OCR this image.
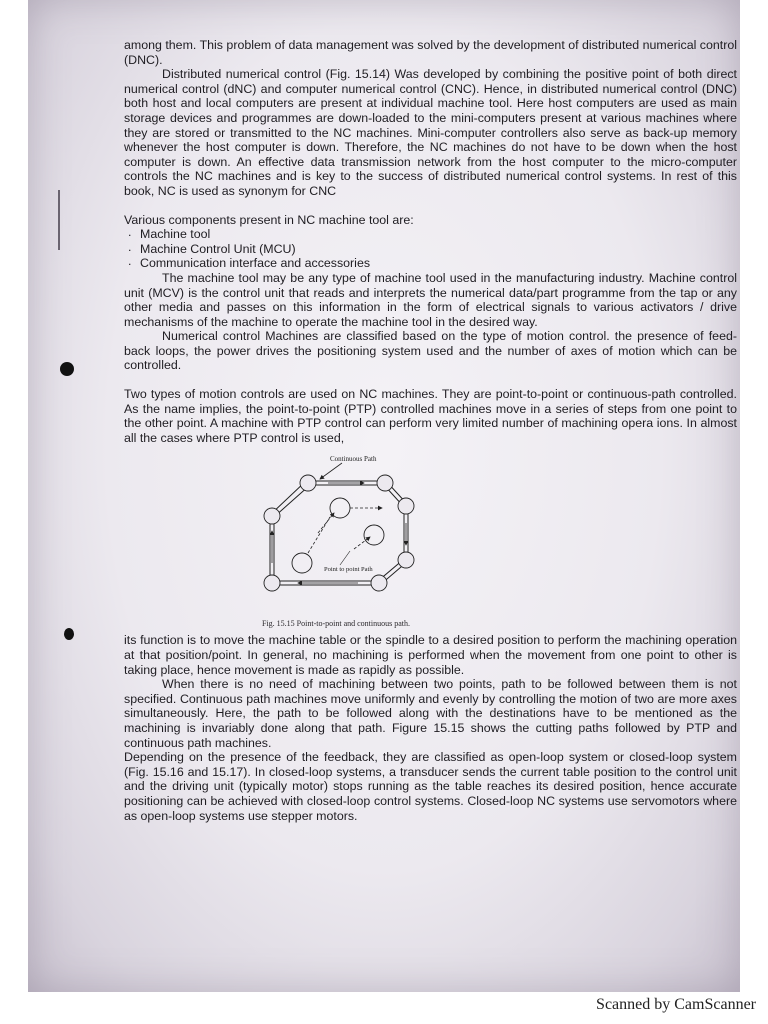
among them. This problem of data management was solved by the development of distributed numerical control (DNC).

Distributed numerical control (Fig. 15.14) Was developed by combining the positive point of both direct numerical control (dNC) and computer numerical control (CNC). Hence, in distributed numerical control (DNC) both host and local computers are present at individual machine tool. Here host computers are used as main storage devices and programmes are down-loaded to the mini-computers present at various machines where they are stored or transmitted to the NC machines. Mini-computer controllers also serve as back-up memory whenever the host computer is down. Therefore, the NC machines do not have to be down when the host computer is down. An effective data transmission network from the host computer to the micro-computer controls the NC machines and is key to the success of distributed numerical control systems. In rest of this book, NC is used as synonym for CNC

Various components present in NC machine tool are:

. Machine tool
. Machine Control Unit (MCU)
. Communication interface and accessories

The machine tool may be any type of machine tool used in the manufacturing industry. Machine control unit (MCV) is the control unit that reads and interprets the numerical data/part programme from the tap or any other media and passes on this information in the form of electrical signals to various activators / drive mechanisms of the machine to operate the machine tool in the desired way.

Numerical control Machines are classified based on the type of motion control. the presence of feed-back loops, the power drives the positioning system used and the number of axes of motion which can be controlled.

Two types of motion controls are used on NC machines. They are point-to-point or continuous-path controlled. As the name implies, the point-to-point (PTP) controlled machines move in a series of steps from one point to the other point. A machine with PTP control can perform very limited number of machining opera ions. In almost all the cases where PTP control is used,

Continuous Path
Point to point Path
Fig. 15.15 Point-to-point and continuous path.

its function is to move the machine table or the spindle to a desired position to perform the machining operation at that position/point. In general, no machining is performed when the movement from one point to other is taking place, hence movement is made as rapidly as possible.

When there is no need of machining between two points, path to be followed between them is not specified. Continuous path machines move uniformly and evenly by controlling the motion of two are more axes simultaneously. Here, the path to be followed along with the destinations have to be mentioned as the machining is invariably done along that path. Figure 15.15 shows the cutting paths followed by PTP and continuous path machines.

Depending on the presence of the feedback, they are classified as open-loop system or closed-loop system (Fig. 15.16 and 15.17). In closed-loop systems, a transducer sends the current table position to the control unit and the driving unit (typically motor) stops running as the table reaches its desired position, hence accurate positioning can be achieved with closed-loop control systems. Closed-loop NC systems use servomotors where as open-loop systems use stepper motors.

Scanned by CamScanner
